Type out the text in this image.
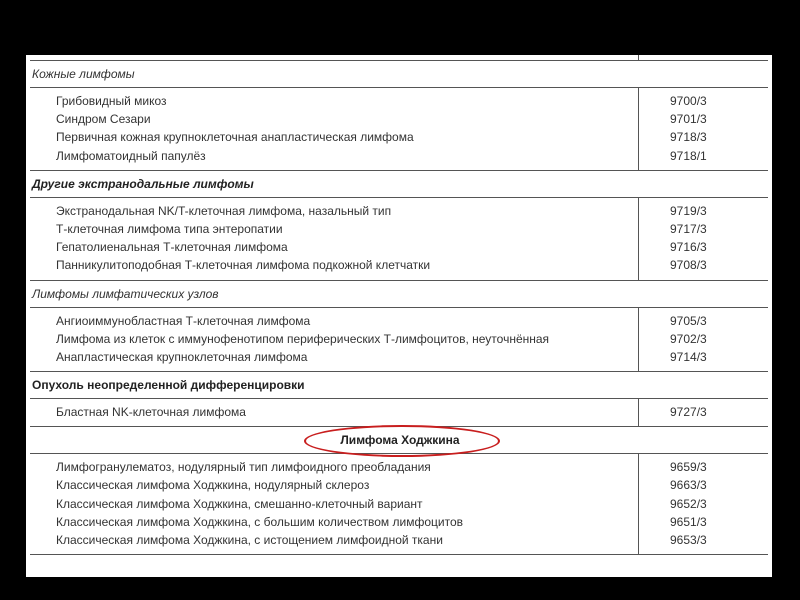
Кожные лимфомы
Грибовидный микоз	9700/3
Синдром Сезари	9701/3
Первичная кожная крупноклеточная анапластическая лимфома	9718/3
Лимфоматоидный папулёз	9718/1
Другие экстранодальные лимфомы
Экстранодальная NK/T-клеточная лимфома, назальный тип	9719/3
Т-клеточная лимфома типа энтеропатии	9717/3
Гепатолиенальная Т-клеточная лимфома	9716/3
Панникулитоподобная Т-клеточная лимфома подкожной клетчатки	9708/3
Лимфомы лимфатических узлов
Ангиоиммунобластная Т-клеточная лимфома	9705/3
Лимфома из клеток с иммунофенотипом периферических Т-лимфоцитов, неуточнённая	9702/3
Анапластическая крупноклеточная лимфома	9714/3
Опухоль неопределенной дифференцировки
Бластная NK-клеточная лимфома	9727/3
Лимфома Ходжкина
Лимфогранулематоз, нодулярный тип лимфоидного преобладания	9659/3
Классическая лимфома Ходжкина, нодулярный склероз	9663/3
Классическая лимфома Ходжкина, смешанно-клеточный вариант	9652/3
Классическая лимфома Ходжкина, с большим количеством лимфоцитов	9651/3
Классическая лимфома Ходжкина, с истощением лимфоидной ткани	9653/3
